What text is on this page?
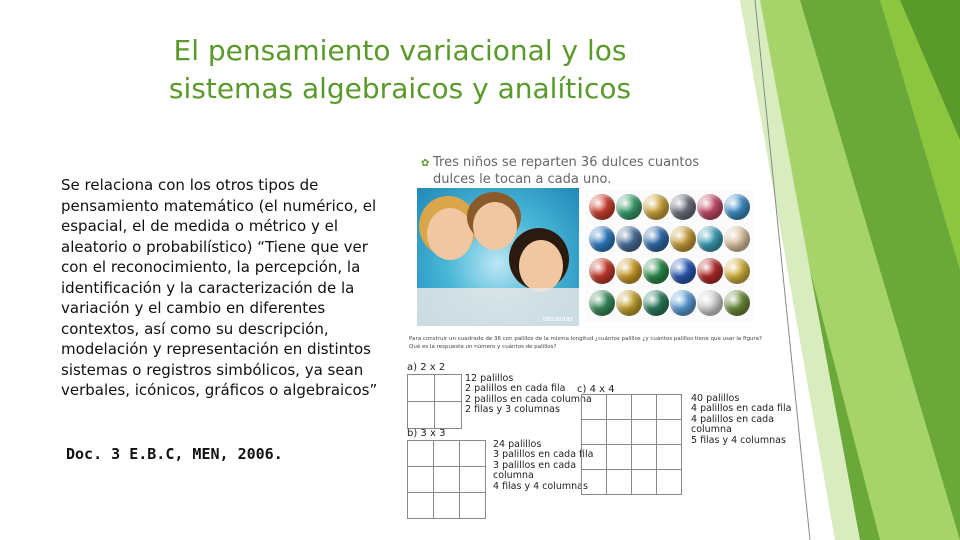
El pensamiento variacional y los
sistemas algebraicos y analíticos
Se relaciona con los otros tipos de pensamiento matemático (el numérico, el espacial, el de medida o métrico y el aleatorio o probabilístico) “Tiene que ver con el reconocimiento, la percepción, la identificación y la caracterización de la variación y el cambio en diferentes contextos, así como su descripción, modelación y representación en distintos sistemas o registros simbólicos, ya sean verbales, icónicos, gráficos o algebraicos”
Doc. 3 E.B.C, MEN, 2006.
✿ Tres niños se reparten 36 dulces cuantos
dulces le tocan a cada uno.
cercanías
Para construir un cuadrado de 36 con palillos de la misma longitud ¿cuántos palillos ¿y cuántos palillos tiene que usar la figura?
Qué es la respuesta un número y cuántos de palillos?
a) 2 x 2

12 palillos
2 palillos en cada fila
2 palillos en cada columna
2 filas y 3 columnas
b) 3 x 3

24 palillos
3 palillos en cada fila
3 palillos en cada
columna
4 filas y 4 columnas
c) 4 x 4

40 palillos
4 palillos en cada fila
4 palillos en cada
columna
5 filas y 4 columnas
